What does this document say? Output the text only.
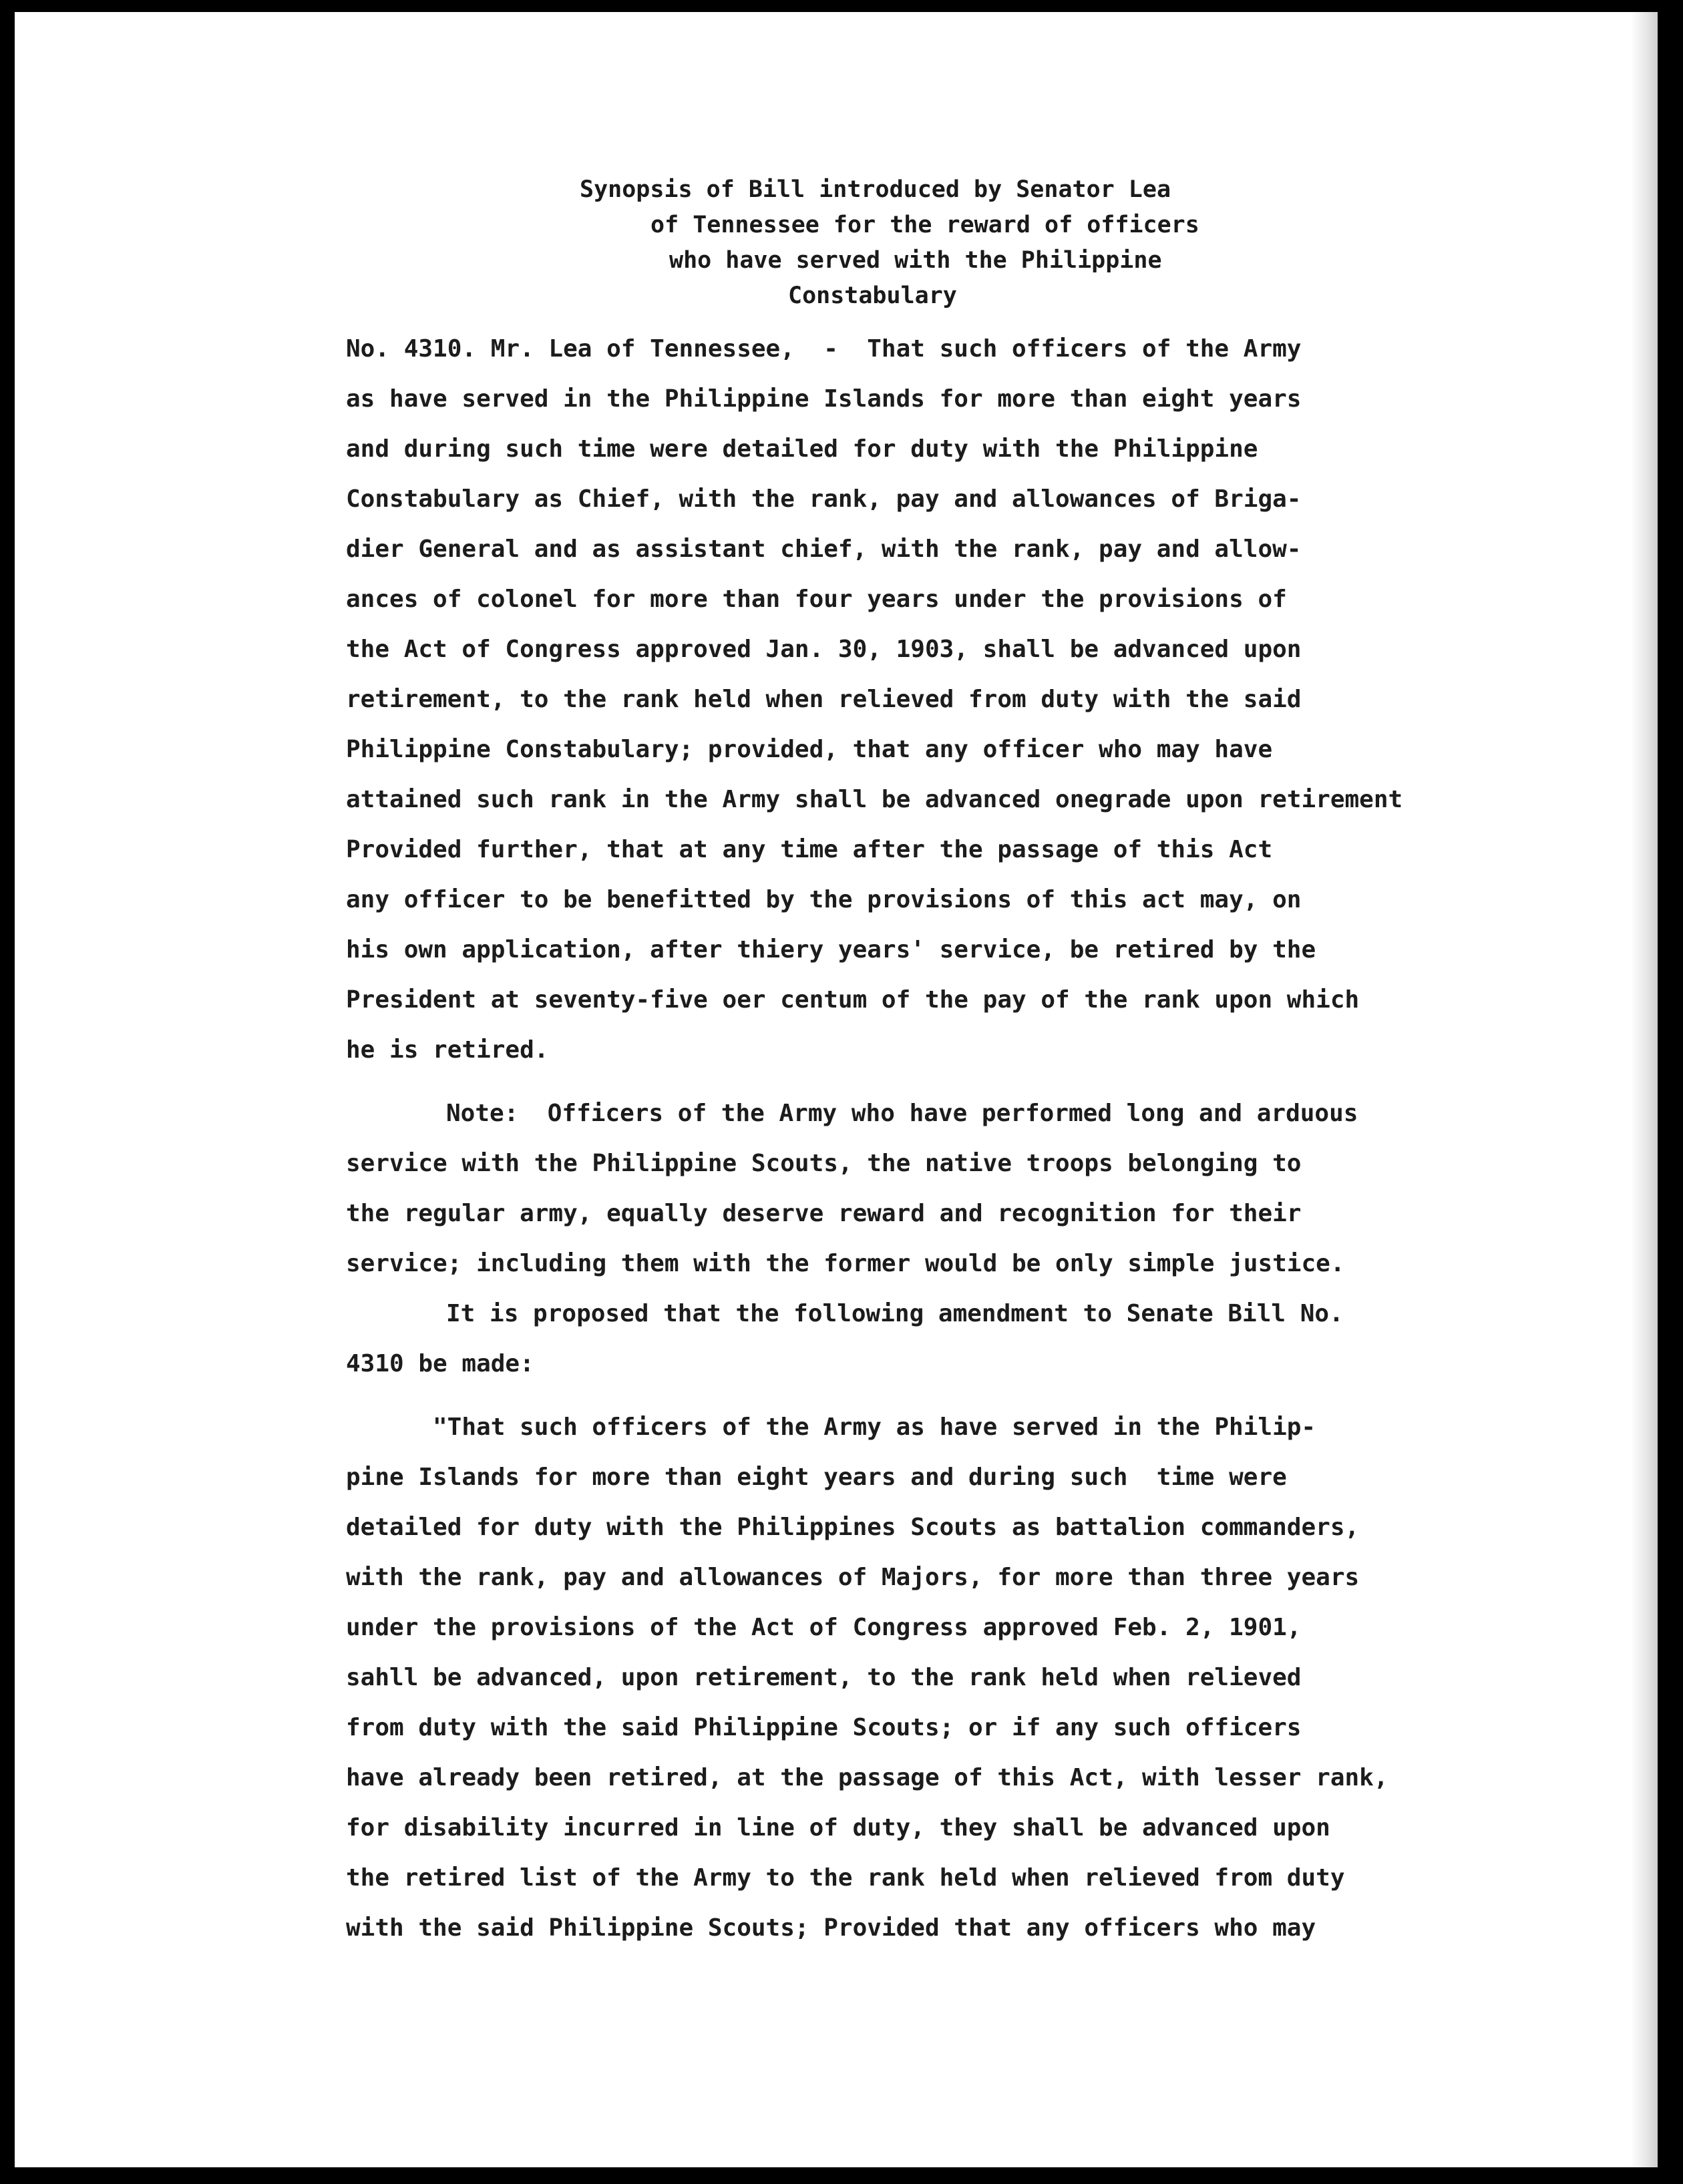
Synopsis of Bill introduced by Senator Lea
of Tennessee for the reward of officers
who have served with the Philippine
Constabulary
No. 4310. Mr. Lea of Tennessee,  -  That such officers of the Army
as have served in the Philippine Islands for more than eight years
and during such time were detailed for duty with the Philippine
Constabulary as Chief, with the rank, pay and allowances of Briga-
dier General and as assistant chief, with the rank, pay and allow-
ances of colonel for more than four years under the provisions of
the Act of Congress approved Jan. 30, 1903, shall be advanced upon
retirement, to the rank held when relieved from duty with the said
Philippine Constabulary; provided, that any officer who may have
attained such rank in the Army shall be advanced onegrade upon retirement
Provided further, that at any time after the passage of this Act
any officer to be benefitted by the provisions of this act may, on
his own application, after thiery years' service, be retired by the
President at seventy-five oer centum of the pay of the rank upon which
he is retired.
Note:  Officers of the Army who have performed long and arduous
service with the Philippine Scouts, the native troops belonging to
the regular army, equally deserve reward and recognition for their
service; including them with the former would be only simple justice.
It is proposed that the following amendment to Senate Bill No.
4310 be made:
"That such officers of the Army as have served in the Philip-
pine Islands for more than eight years and during such  time were
detailed for duty with the Philippines Scouts as battalion commanders,
with the rank, pay and allowances of Majors, for more than three years
under the provisions of the Act of Congress approved Feb. 2, 1901,
sahll be advanced, upon retirement, to the rank held when relieved
from duty with the said Philippine Scouts; or if any such officers
have already been retired, at the passage of this Act, with lesser rank,
for disability incurred in line of duty, they shall be advanced upon
the retired list of the Army to the rank held when relieved from duty
with the said Philippine Scouts; Provided that any officers who may
